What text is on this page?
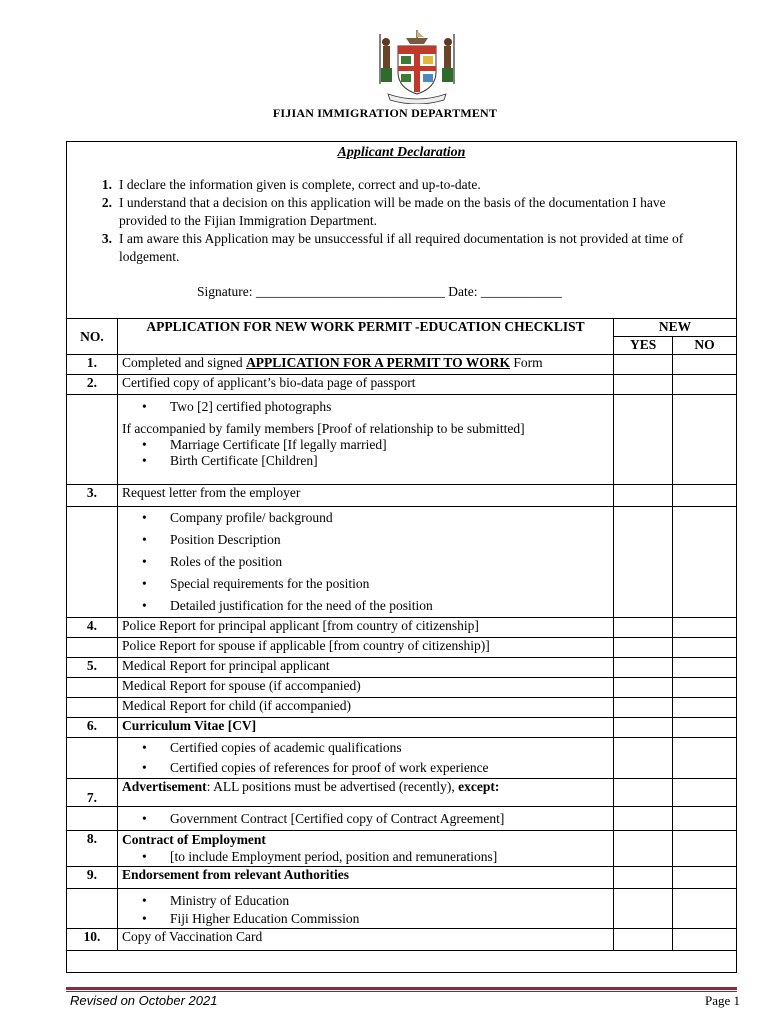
FIJIAN IMMIGRATION DEPARTMENT
Applicant Declaration
1. I declare the information given is complete, correct and up-to-date.
2. I understand that a decision on this application will be made on the basis of the documentation I have provided to the Fijian Immigration Department.
3. I am aware this Application may be unsuccessful if all required documentation is not provided at time of lodgement.
Signature: ____________________________ Date: ____________
NO.	APPLICATION FOR NEW WORK PERMIT -EDUCATION CHECKLIST	NEW	
		YES	NO
1.	Completed and signed APPLICATION FOR A PERMIT TO WORK Form		
2.	Certified copy of applicant’s bio-data page of passport		

	• Two [2] certified photographs
If accompanied by family members [Proof of relationship to be submitted]
• Marriage Certificate [If legally married]
• Birth Certificate [Children]

3.	Request letter from the employer		

	• Company profile/ background
• Position Description
• Roles of the position
• Special requirements for the position
• Detailed justification for the need of the position

4.	Police Report for principal applicant [from country of citizenship]		
	Police Report for spouse if applicable [from country of citizenship)]		
5.	Medical Report for principal applicant		
	Medical Report for spouse (if accompanied)		
	Medical Report for child (if accompanied)		
6.	Curriculum Vitae [CV]		

	• Certified copies of academic qualifications
• Certified copies of references for proof of work experience

7.	Advertisement: ALL positions must be advertised (recently), except:		

	• Government Contract [Certified copy of Contract Agreement]

8.	Contract of Employment
• [to include Employment period, position and remunerations]

9.	Endorsement from relevant Authorities		

	• Ministry of Education
• Fiji Higher Education Commission

10.	Copy of Vaccination Card		
Revised on October 2021	Page 1
